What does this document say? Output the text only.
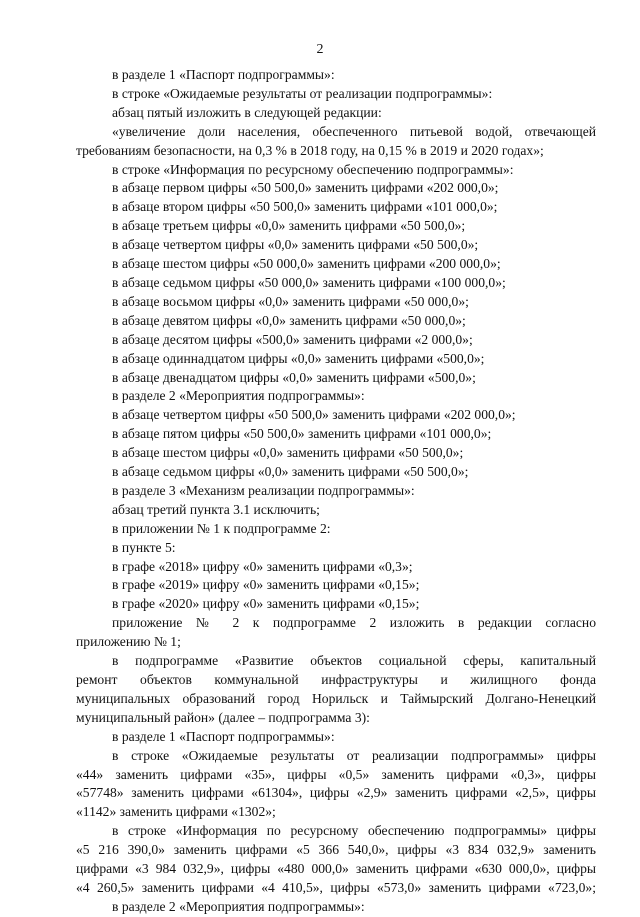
2
в разделе 1 «Паспорт подпрограммы»:
в строке «Ожидаемые результаты от реализации подпрограммы»:
абзац пятый изложить в следующей редакции:
«увеличение доли населения, обеспеченного питьевой водой, отвечающей
требованиям безопасности, на 0,3 % в 2018 году, на 0,15 % в 2019 и 2020 годах»;
в строке «Информация по ресурсному обеспечению подпрограммы»:
в абзаце первом цифры «50 500,0» заменить цифрами «202 000,0»;
в абзаце втором цифры «50 500,0» заменить цифрами «101 000,0»;
в абзаце третьем цифры «0,0» заменить цифрами «50 500,0»;
в абзаце четвертом цифры «0,0» заменить цифрами «50 500,0»;
в абзаце шестом цифры «50 000,0» заменить цифрами «200 000,0»;
в абзаце седьмом цифры «50 000,0» заменить цифрами «100 000,0»;
в абзаце восьмом цифры «0,0» заменить цифрами «50 000,0»;
в абзаце девятом цифры «0,0» заменить цифрами «50 000,0»;
в абзаце десятом цифры «500,0» заменить цифрами «2 000,0»;
в абзаце одиннадцатом цифры «0,0» заменить цифрами «500,0»;
в абзаце двенадцатом цифры «0,0» заменить цифрами «500,0»;
в разделе 2 «Мероприятия подпрограммы»:
в абзаце четвертом цифры «50 500,0» заменить цифрами «202 000,0»;
в абзаце пятом цифры «50 500,0» заменить цифрами «101 000,0»;
в абзаце шестом цифры «0,0» заменить цифрами «50 500,0»;
в абзаце седьмом цифры «0,0» заменить цифрами «50 500,0»;
в разделе 3 «Механизм реализации подпрограммы»:
абзац третий пункта 3.1 исключить;
в приложении № 1 к подпрограмме 2:
в пункте 5:
в графе «2018» цифру «0» заменить цифрами «0,3»;
в графе «2019» цифру «0» заменить цифрами «0,15»;
в графе «2020» цифру «0» заменить цифрами «0,15»;
приложение № 2 к подпрограмме 2 изложить в редакции согласно
приложению № 1;
в подпрограмме «Развитие объектов социальной сферы, капитальный
ремонт объектов коммунальной инфраструктуры и жилищного фонда
муниципальных образований город Норильск и Таймырский Долгано-Ненецкий
муниципальный район» (далее – подпрограмма 3):
в разделе 1 «Паспорт подпрограммы»:
в строке «Ожидаемые результаты от реализации подпрограммы» цифры
«44» заменить цифрами «35», цифры «0,5» заменить цифрами «0,3», цифры
«57748» заменить цифрами «61304», цифры «2,9» заменить цифрами «2,5», цифры
«1142» заменить цифрами «1302»;
в строке «Информация по ресурсному обеспечению подпрограммы» цифры
«5 216 390,0» заменить цифрами «5 366 540,0», цифры «3 834 032,9» заменить
цифрами «3 984 032,9», цифры «480 000,0» заменить цифрами «630 000,0», цифры
«4 260,5» заменить цифрами «4 410,5», цифры «573,0» заменить цифрами «723,0»;
в разделе 2 «Мероприятия подпрограммы»:
